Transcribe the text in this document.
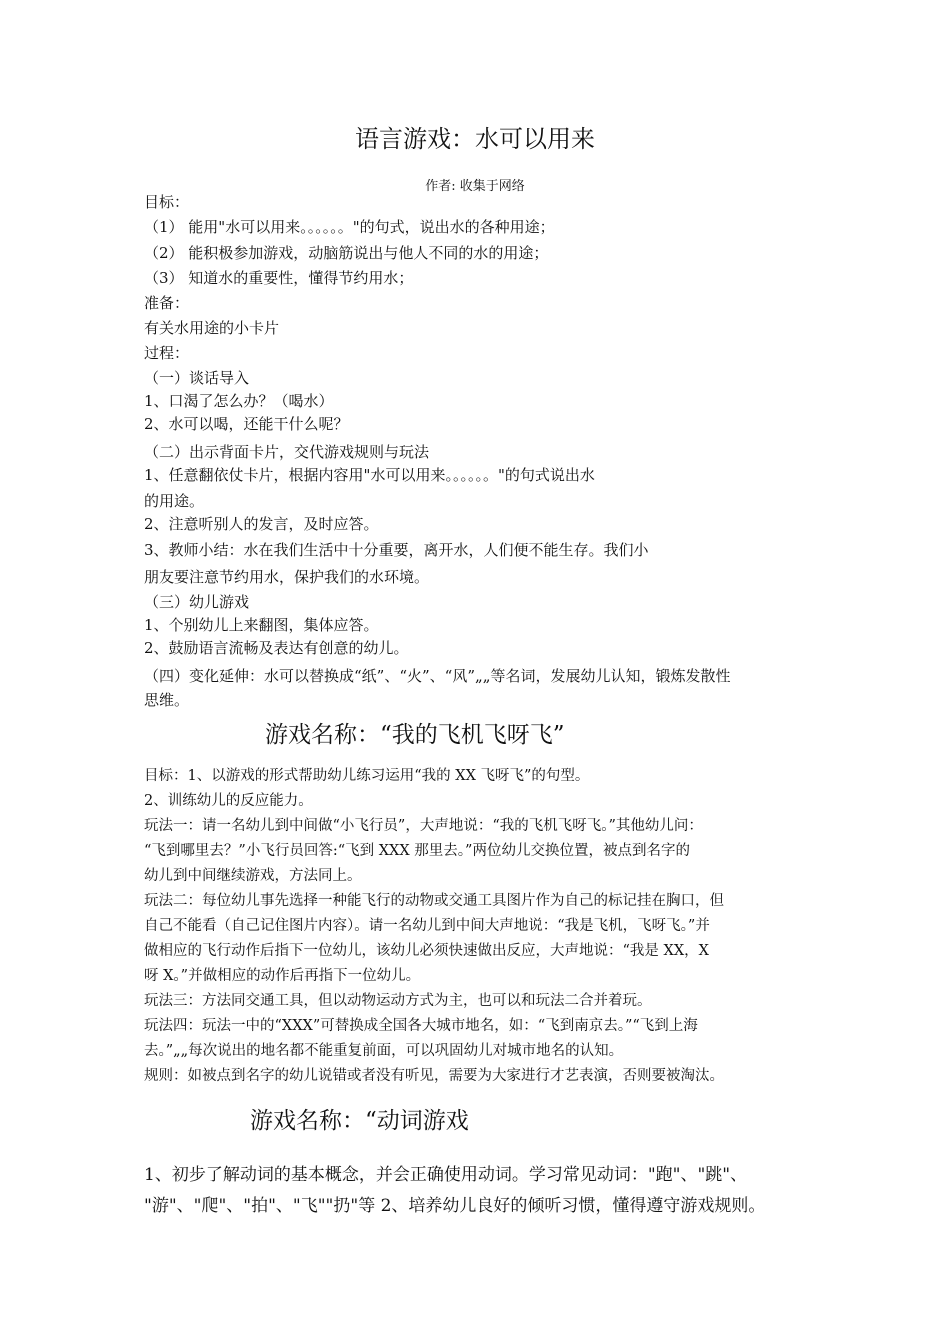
语言游戏：水可以用来
作者: 收集于网络
目标：
（1） 能用"水可以用来。。。。。。"的句式，说出水的各种用途；
（2） 能积极参加游戏，动脑筋说出与他人不同的水的用途；
（3） 知道水的重要性，懂得节约用水；
准备：
有关水用途的小卡片
过程：
（一）谈话导入
1、口渴了怎么办？（喝水）
2、水可以喝，还能干什么呢？
（二）出示背面卡片，交代游戏规则与玩法
1、任意翻依仗卡片，根据内容用"水可以用来。。。。。。"的句式说出水
的用途。
2、注意听别人的发言，及时应答。
3、教师小结：水在我们生活中十分重要，离开水，人们便不能生存。我们小
朋友要注意节约用水，保护我们的水环境。
（三）幼儿游戏
1、个别幼儿上来翻图，集体应答。
2、鼓励语言流畅及表达有创意的幼儿。
（四）变化延伸：水可以替换成“纸”、“火”、“风”„„等名词，发展幼儿认知，锻炼发散性
思维。
游戏名称：“我的飞机飞呀飞”
目标：1、以游戏的形式帮助幼儿练习运用“我的 XX 飞呀飞”的句型。
2、训练幼儿的反应能力。
玩法一：请一名幼儿到中间做“小飞行员”，大声地说：“我的飞机飞呀飞。”其他幼儿问：
“飞到哪里去？”小飞行员回答:“飞到 XXX 那里去。”两位幼儿交换位置，被点到名字的
幼儿到中间继续游戏，方法同上。
玩法二：每位幼儿事先选择一种能飞行的动物或交通工具图片作为自己的标记挂在胸口，但
自己不能看（自己记住图片内容）。请一名幼儿到中间大声地说：“我是飞机，飞呀飞。”并
做相应的飞行动作后指下一位幼儿，该幼儿必须快速做出反应，大声地说：“我是 XX，X
呀 X。”并做相应的动作后再指下一位幼儿。
玩法三：方法同交通工具，但以动物运动方式为主，也可以和玩法二合并着玩。
玩法四：玩法一中的“XXX”可替换成全国各大城市地名，如：“飞到南京去。”“飞到上海
去。”„„每次说出的地名都不能重复前面，可以巩固幼儿对城市地名的认知。
规则：如被点到名字的幼儿说错或者没有听见，需要为大家进行才艺表演，否则要被淘汰。
游戏名称：“动词游戏
1、初步了解动词的基本概念，并会正确使用动词。学习常见动词："跑"、"跳"、
"游"、"爬"、"拍"、"飞""扔"等 2、培养幼儿良好的倾听习惯，懂得遵守游戏规则。
